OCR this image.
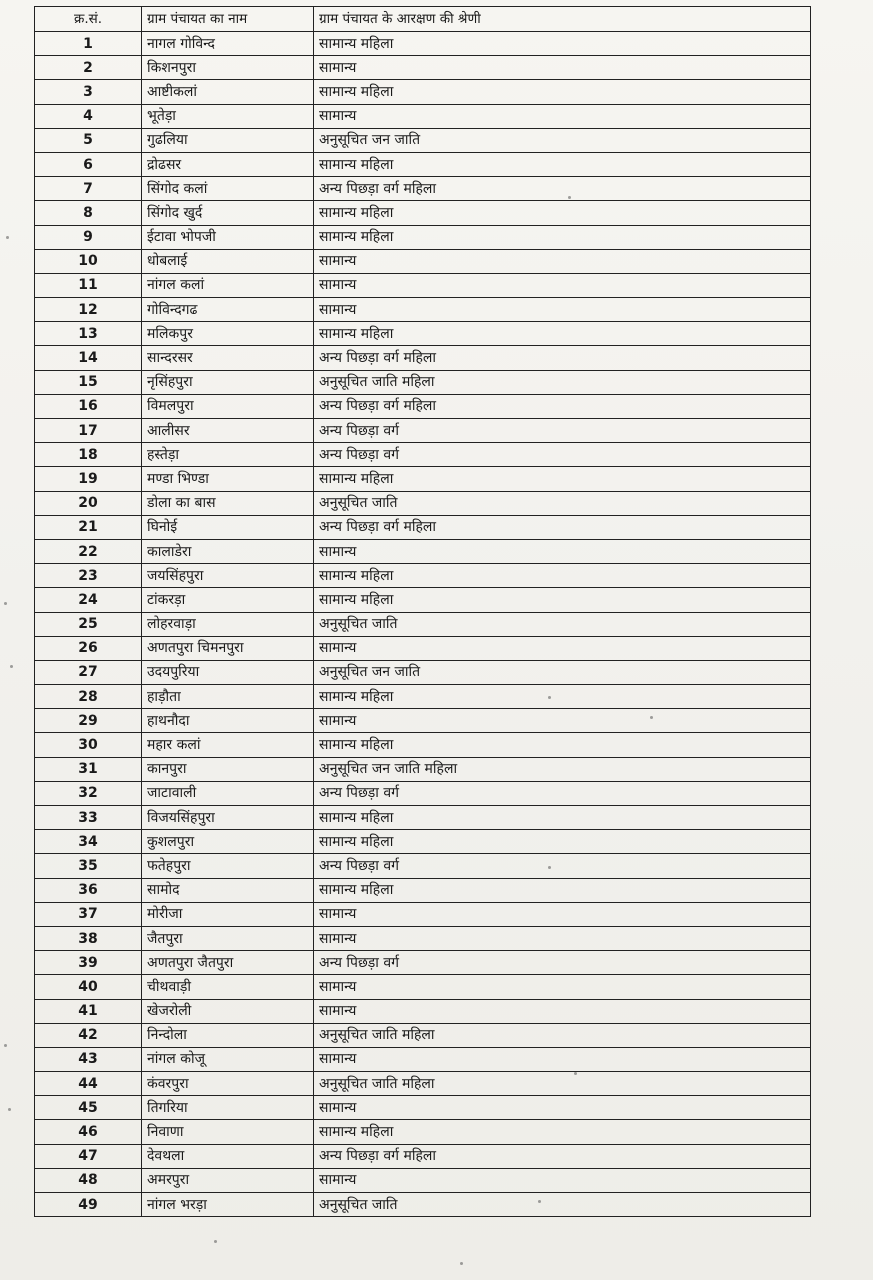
क्र.सं.	ग्राम पंचायत का नाम	ग्राम पंचायत के आरक्षण की श्रेणी
1	नागल गोविन्द	सामान्य महिला
2	किशनपुरा	सामान्य
3	आष्टीकलां	सामान्य महिला
4	भूतेड़ा	सामान्य
5	गुढलिया	अनुसूचित जन जाति
6	द्रोढसर	सामान्य महिला
7	सिंगोद कलां	अन्य पिछड़ा वर्ग महिला
8	सिंगोद खुर्द	सामान्य महिला
9	ईटावा भोपजी	सामान्य महिला
10	धोबलाई	सामान्य
11	नांगल कलां	सामान्य
12	गोविन्दगढ	सामान्य
13	मलिकपुर	सामान्य महिला
14	सान्दरसर	अन्य पिछड़ा वर्ग महिला
15	नृसिंहपुरा	अनुसूचित जाति महिला
16	विमलपुरा	अन्य पिछड़ा वर्ग महिला
17	आलीसर	अन्य पिछड़ा वर्ग
18	हस्तेड़ा	अन्य पिछड़ा वर्ग
19	मण्डा भिण्डा	सामान्य महिला
20	डोला का बास	अनुसूचित जाति
21	घिनोई	अन्य पिछड़ा वर्ग महिला
22	कालाडेरा	सामान्य
23	जयसिंहपुरा	सामान्य महिला
24	टांकरड़ा	सामान्य महिला
25	लोहरवाड़ा	अनुसूचित जाति
26	अणतपुरा चिमनपुरा	सामान्य
27	उदयपुरिया	अनुसूचित जन जाति
28	हाड़ौता	सामान्य महिला
29	हाथनौदा	सामान्य
30	महार कलां	सामान्य महिला
31	कानपुरा	अनुसूचित जन जाति महिला
32	जाटावाली	अन्य पिछड़ा वर्ग
33	विजयसिंहपुरा	सामान्य महिला
34	कुशलपुरा	सामान्य महिला
35	फतेहपुरा	अन्य पिछड़ा वर्ग
36	सामोद	सामान्य महिला
37	मोरीजा	सामान्य
38	जैतपुरा	सामान्य
39	अणतपुरा जैतपुरा	अन्य पिछड़ा वर्ग
40	चीथवाड़ी	सामान्य
41	खेजरोली	सामान्य
42	निन्दोला	अनुसूचित जाति महिला
43	नांगल कोजू	सामान्य
44	कंवरपुरा	अनुसूचित जाति महिला
45	तिगरिया	सामान्य
46	निवाणा	सामान्य महिला
47	देवथला	अन्य पिछड़ा वर्ग महिला
48	अमरपुरा	सामान्य
49	नांगल भरड़ा	अनुसूचित जाति
